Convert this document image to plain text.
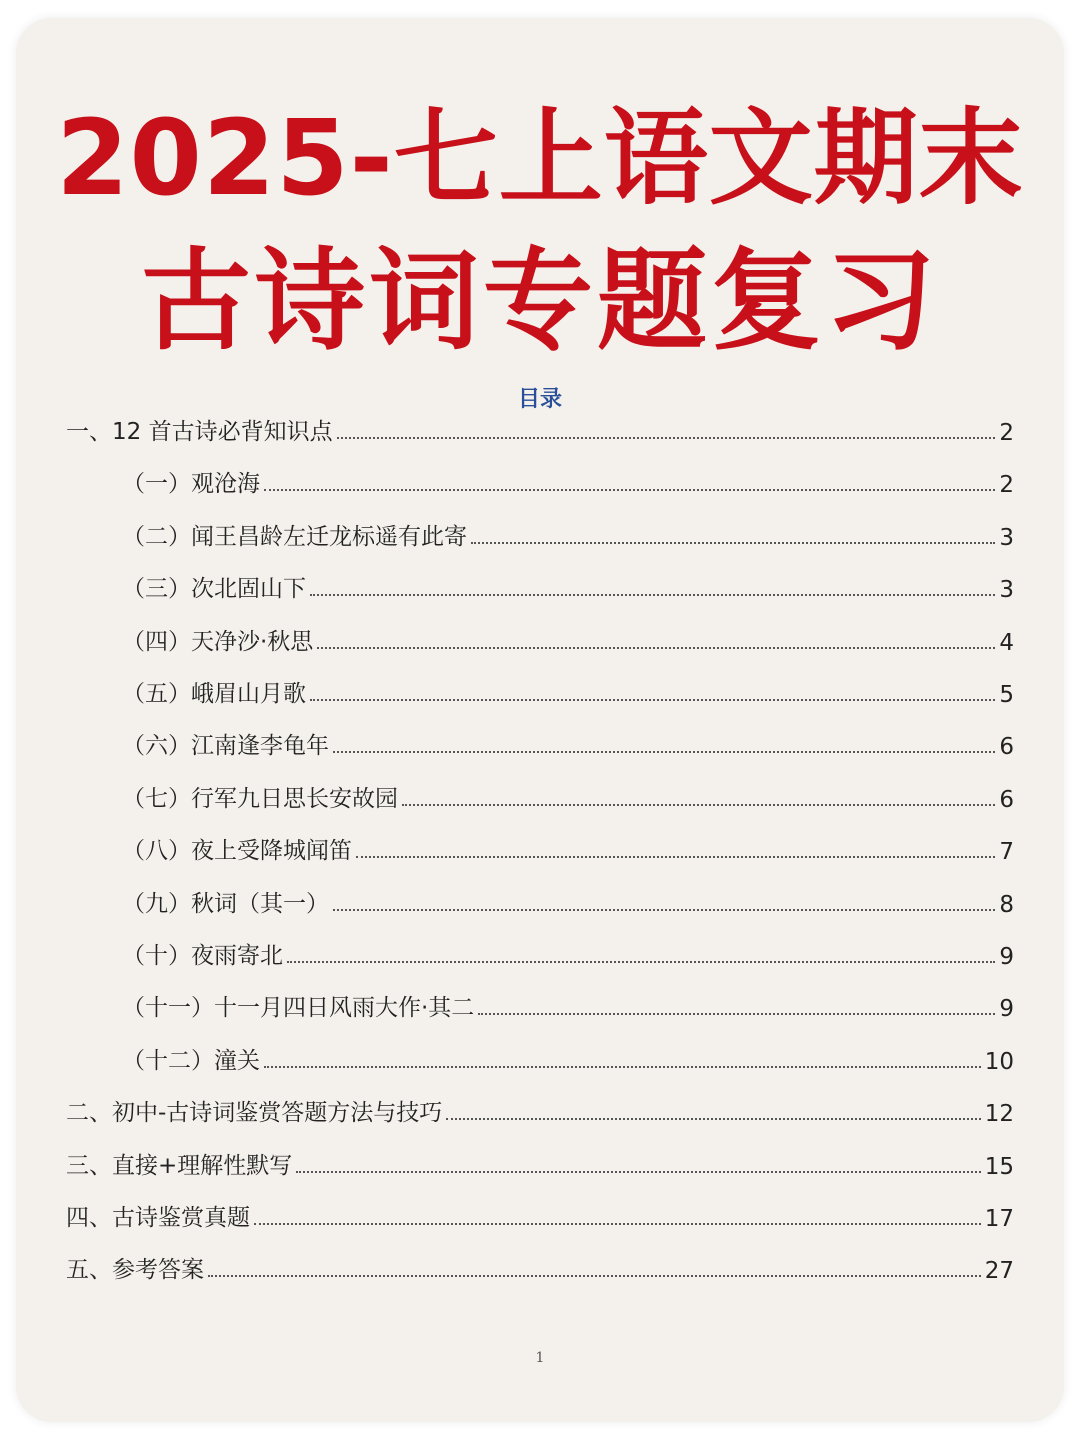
2025-七上语文期末
古诗词专题复习
目录
一、12 首古诗必背知识点	2
（一）观沧海	2
（二）闻王昌龄左迁龙标遥有此寄	3
（三）次北固山下	3
（四）天净沙·秋思	4
（五）峨眉山月歌	5
（六）江南逢李龟年	6
（七）行军九日思长安故园	6
（八）夜上受降城闻笛	7
（九）秋词（其一）	8
（十）夜雨寄北	9
（十一）十一月四日风雨大作·其二	9
（十二）潼关	10
二、初中-古诗词鉴赏答题方法与技巧	12
三、直接+理解性默写	15
四、古诗鉴赏真题	17
五、参考答案	27
1
